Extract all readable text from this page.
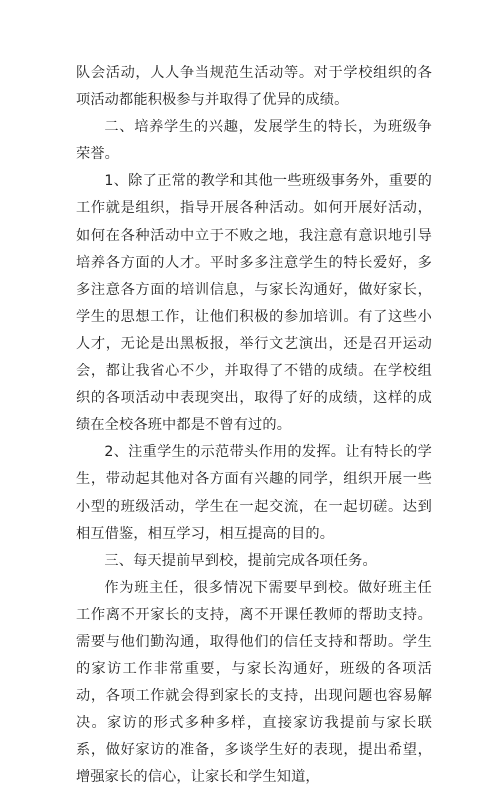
队会活动，人人争当规范生活动等。对于学校组织的各项活动都能积极参与并取得了优异的成绩。

二、培养学生的兴趣，发展学生的特长，为班级争荣誉。

1、除了正常的教学和其他一些班级事务外，重要的工作就是组织，指导开展各种活动。如何开展好活动，如何在各种活动中立于不败之地，我注意有意识地引导培养各方面的人才。平时多多注意学生的特长爱好，多多注意各方面的培训信息，与家长沟通好，做好家长，学生的思想工作，让他们积极的参加培训。有了这些小人才，无论是出黑板报，举行文艺演出，还是召开运动会，都让我省心不少，并取得了不错的成绩。在学校组织的各项活动中表现突出，取得了好的成绩，这样的成绩在全校各班中都是不曾有过的。

2、注重学生的示范带头作用的发挥。让有特长的学生，带动起其他对各方面有兴趣的同学，组织开展一些小型的班级活动，学生在一起交流，在一起切磋。达到相互借鉴，相互学习，相互提高的目的。

三、每天提前早到校，提前完成各项任务。

作为班主任，很多情况下需要早到校。做好班主任工作离不开家长的支持，离不开课任教师的帮助支持。需要与他们勤沟通，取得他们的信任支持和帮助。学生的家访工作非常重要，与家长沟通好，班级的各项活动，各项工作就会得到家长的支持，出现问题也容易解决。家访的形式多种多样，直接家访我提前与家长联系，做好家访的准备，多谈学生好的表现，提出希望，增强家长的信心，让家长和学生知道，
